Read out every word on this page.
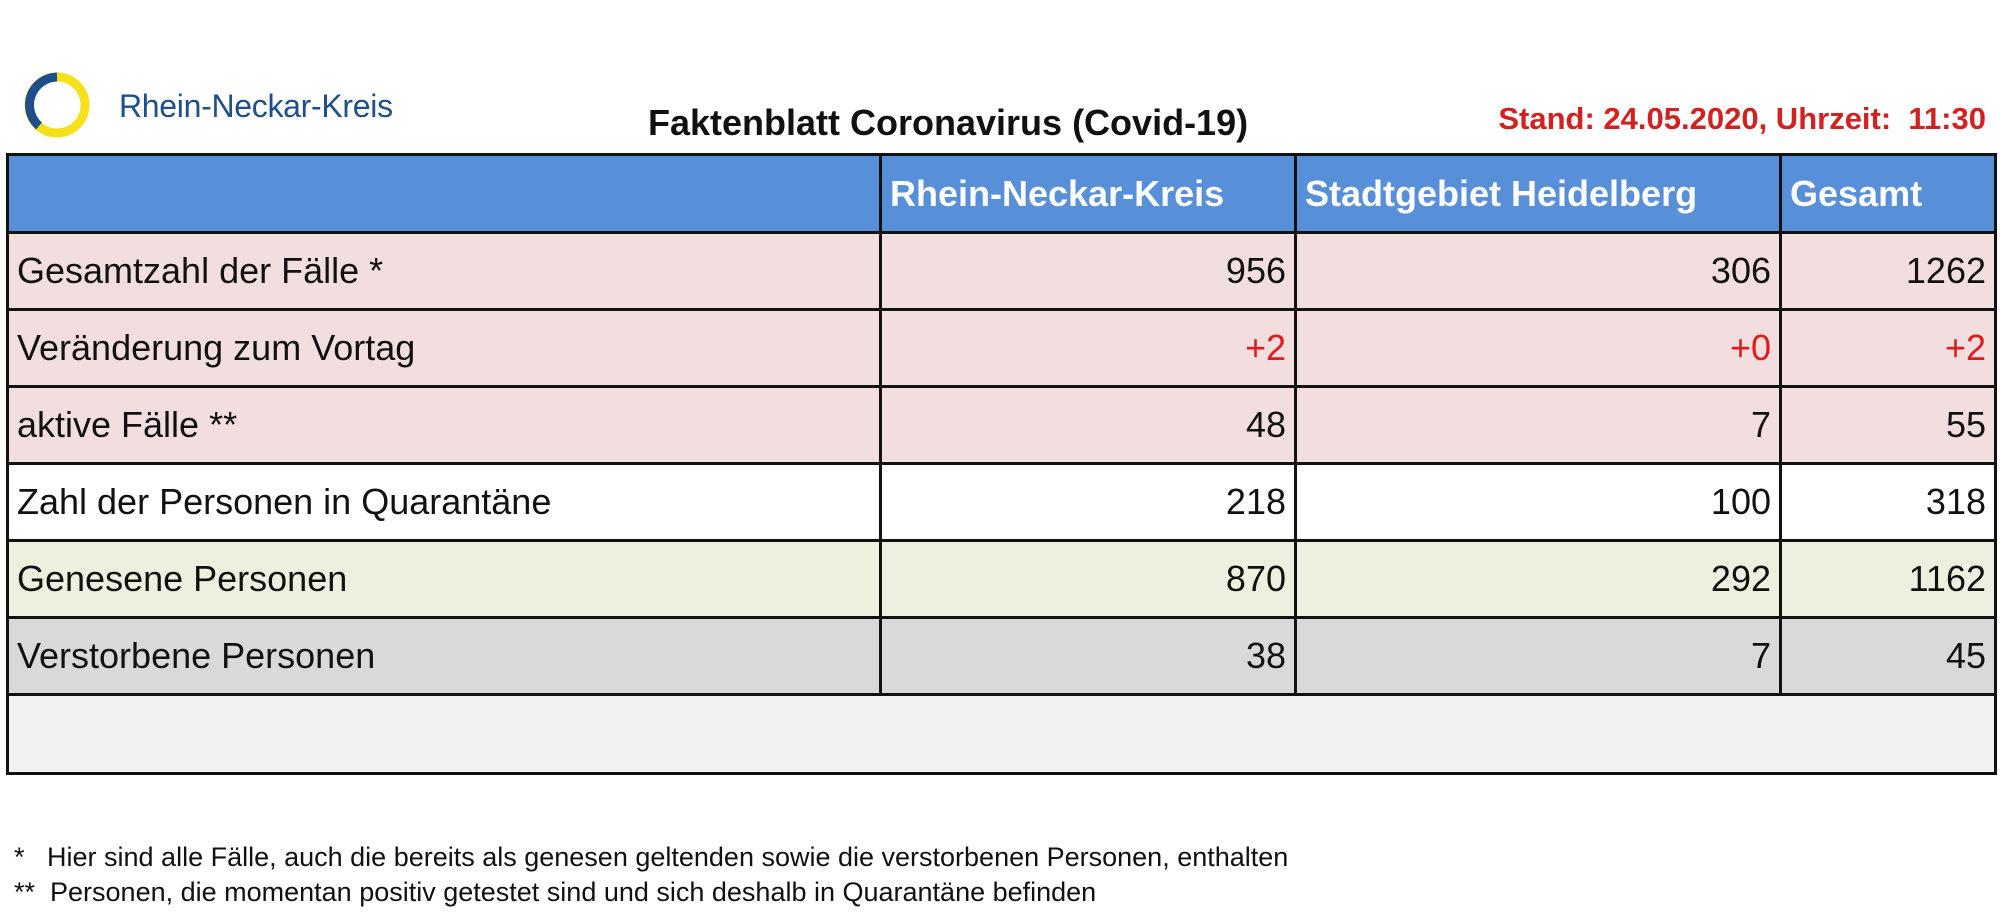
Rhein-Neckar-Kreis	Faktenblatt Coronavirus (Covid-19)	Stand: 24.05.2020, Uhrzeit:  11:30
	Rhein-Neckar-Kreis	Stadtgebiet Heidelberg	Gesamt
Gesamtzahl der Fälle *	956	306	1262
Veränderung zum Vortag	+2	+0	+2
aktive Fälle **	48	7	55
Zahl der Personen in Quarantäne	218	100	318
Genesene Personen	870	292	1162
Verstorbene Personen	38	7	45

*   Hier sind alle Fälle, auch die bereits als genesen geltenden sowie die verstorbenen Personen, enthalten
**  Personen, die momentan positiv getestet sind und sich deshalb in Quarantäne befinden
